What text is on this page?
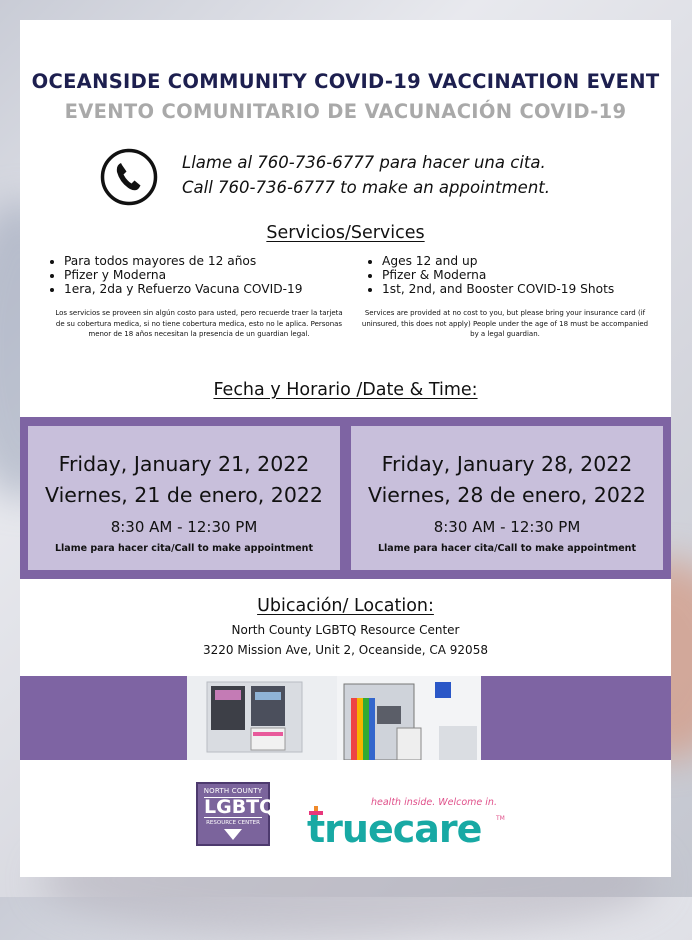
OCEANSIDE COMMUNITY COVID-19 VACCINATION EVENT
EVENTO COMUNITARIO DE VACUNACIÓN COVID-19
Llame al 760-736-6777 para hacer una cita.
Call 760-736-6777 to make an appointment.
Servicios/Services
• Para todos mayores de 12 años
• Pfizer y Moderna
• 1era, 2da y Refuerzo Vacuna COVID-19
• Ages 12 and up
• Pfizer & Moderna
• 1st, 2nd, and Booster COVID-19 Shots
Los servicios se proveen sin algún costo para usted, pero recuerde traer la tarjeta de su cobertura medica, si no tiene cobertura medica, esto no le aplica. Personas menor de 18 años necesitan la presencia de un guardian legal.
Services are provided at no cost to you, but please bring your insurance card (if uninsured, this does not apply) People under the age of 18 must be accompanied by a legal guardian.
Fecha y Horario /Date & Time:
Friday, January 21, 2022
Viernes, 21 de enero, 2022
8:30 AM - 12:30 PM
Llame para hacer cita/Call to make appointment
Friday, January 28, 2022
Viernes, 28 de enero, 2022
8:30 AM - 12:30 PM
Llame para hacer cita/Call to make appointment
Ubicación/ Location:
North County LGBTQ Resource Center
3220 Mission Ave, Unit 2, Oceanside, CA 92058
NORTH COUNTY
LGBTQ
RESOURCE CENTER
health inside. Welcome in.
truecare TM
